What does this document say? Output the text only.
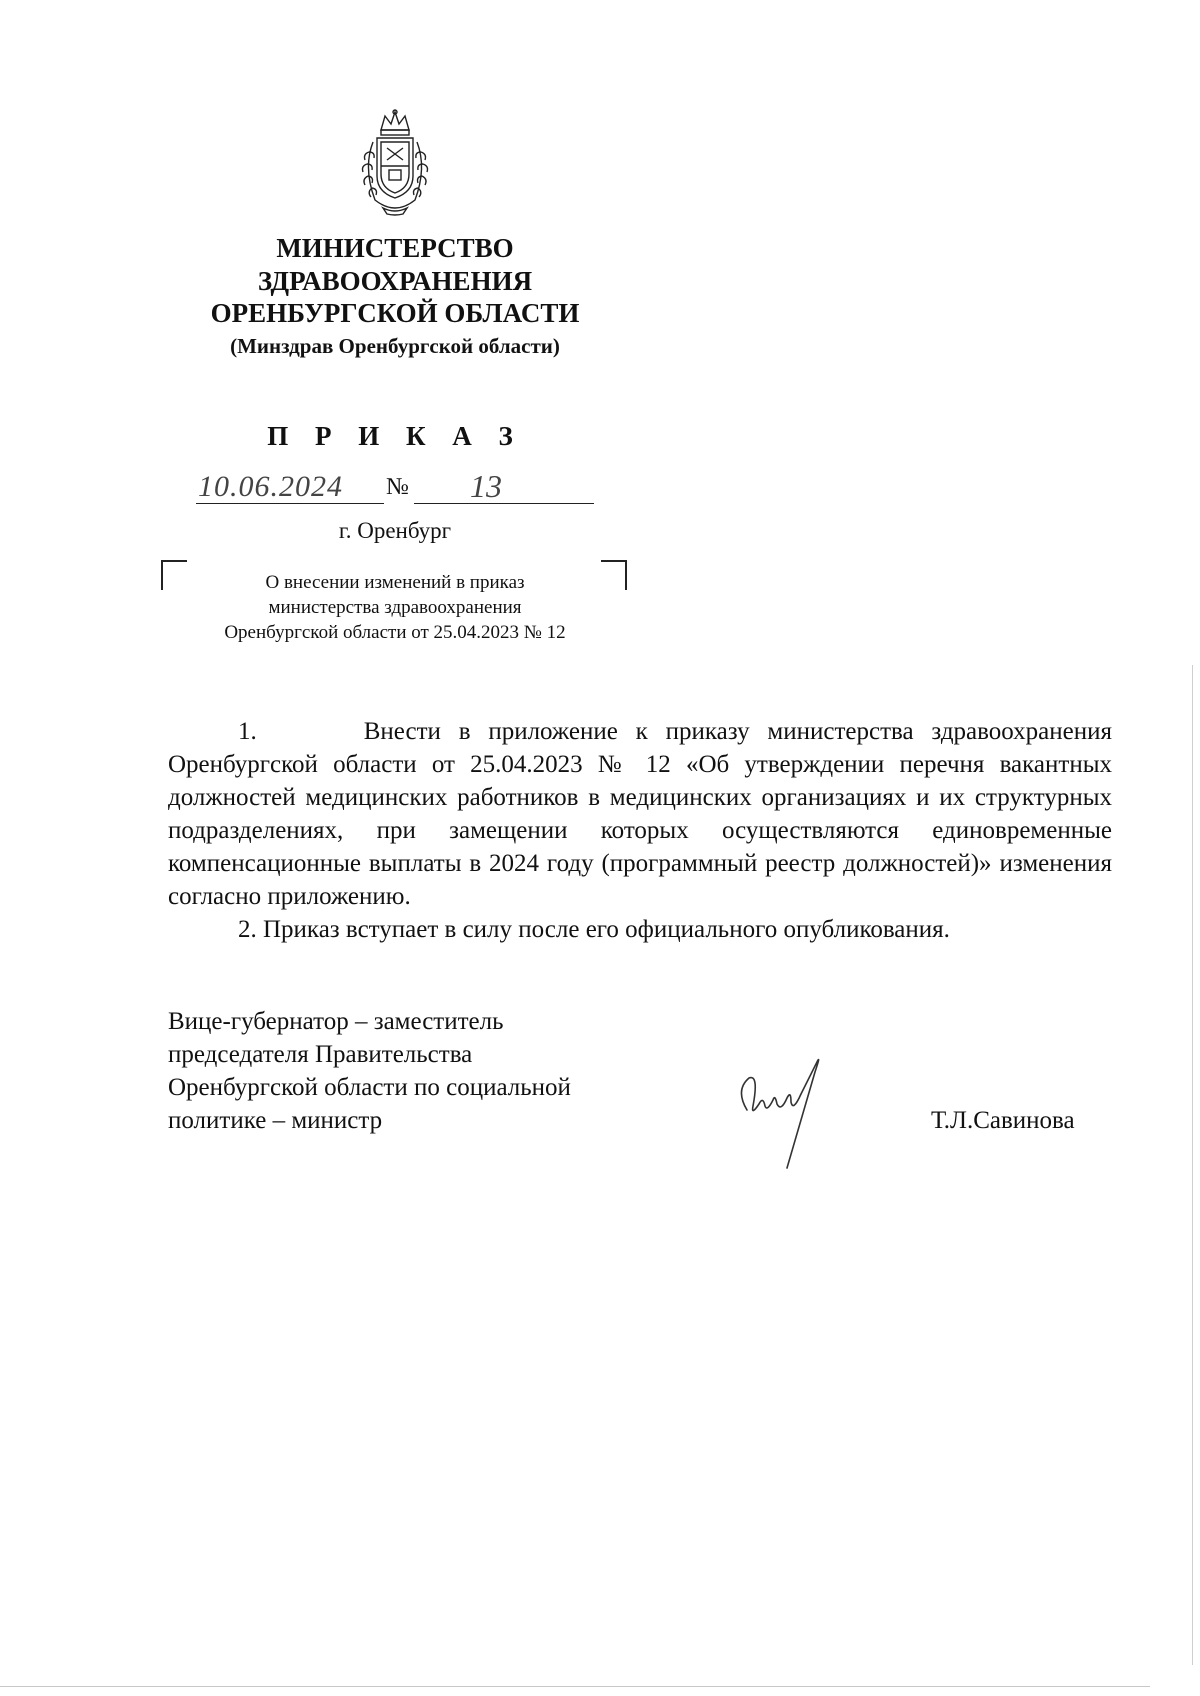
МИНИСТЕРСТВО
ЗДРАВООХРАНЕНИЯ
ОРЕНБУРГСКОЙ ОБЛАСТИ
(Минздрав Оренбургской области)
П Р И К А З
10.06.2024 № 13
г. Оренбург
О внесении изменений в приказ
министерства здравоохранения
Оренбургской области от 25.04.2023 № 12
1.      Внести в приложение к приказу министерства здравоохранения Оренбургской области от 25.04.2023 № 12 «Об утверждении перечня вакантных должностей медицинских работников в медицинских организациях и их структурных подразделениях, при замещении которых осуществляются единовременные компенсационные выплаты в 2024 году (программный реестр должностей)» изменения согласно приложению.
2. Приказ вступает в силу после его официального опубликования.
Вице-губернатор – заместитель
председателя Правительства
Оренбургской области по социальной
политике – министр	Т.Л.Савинова
